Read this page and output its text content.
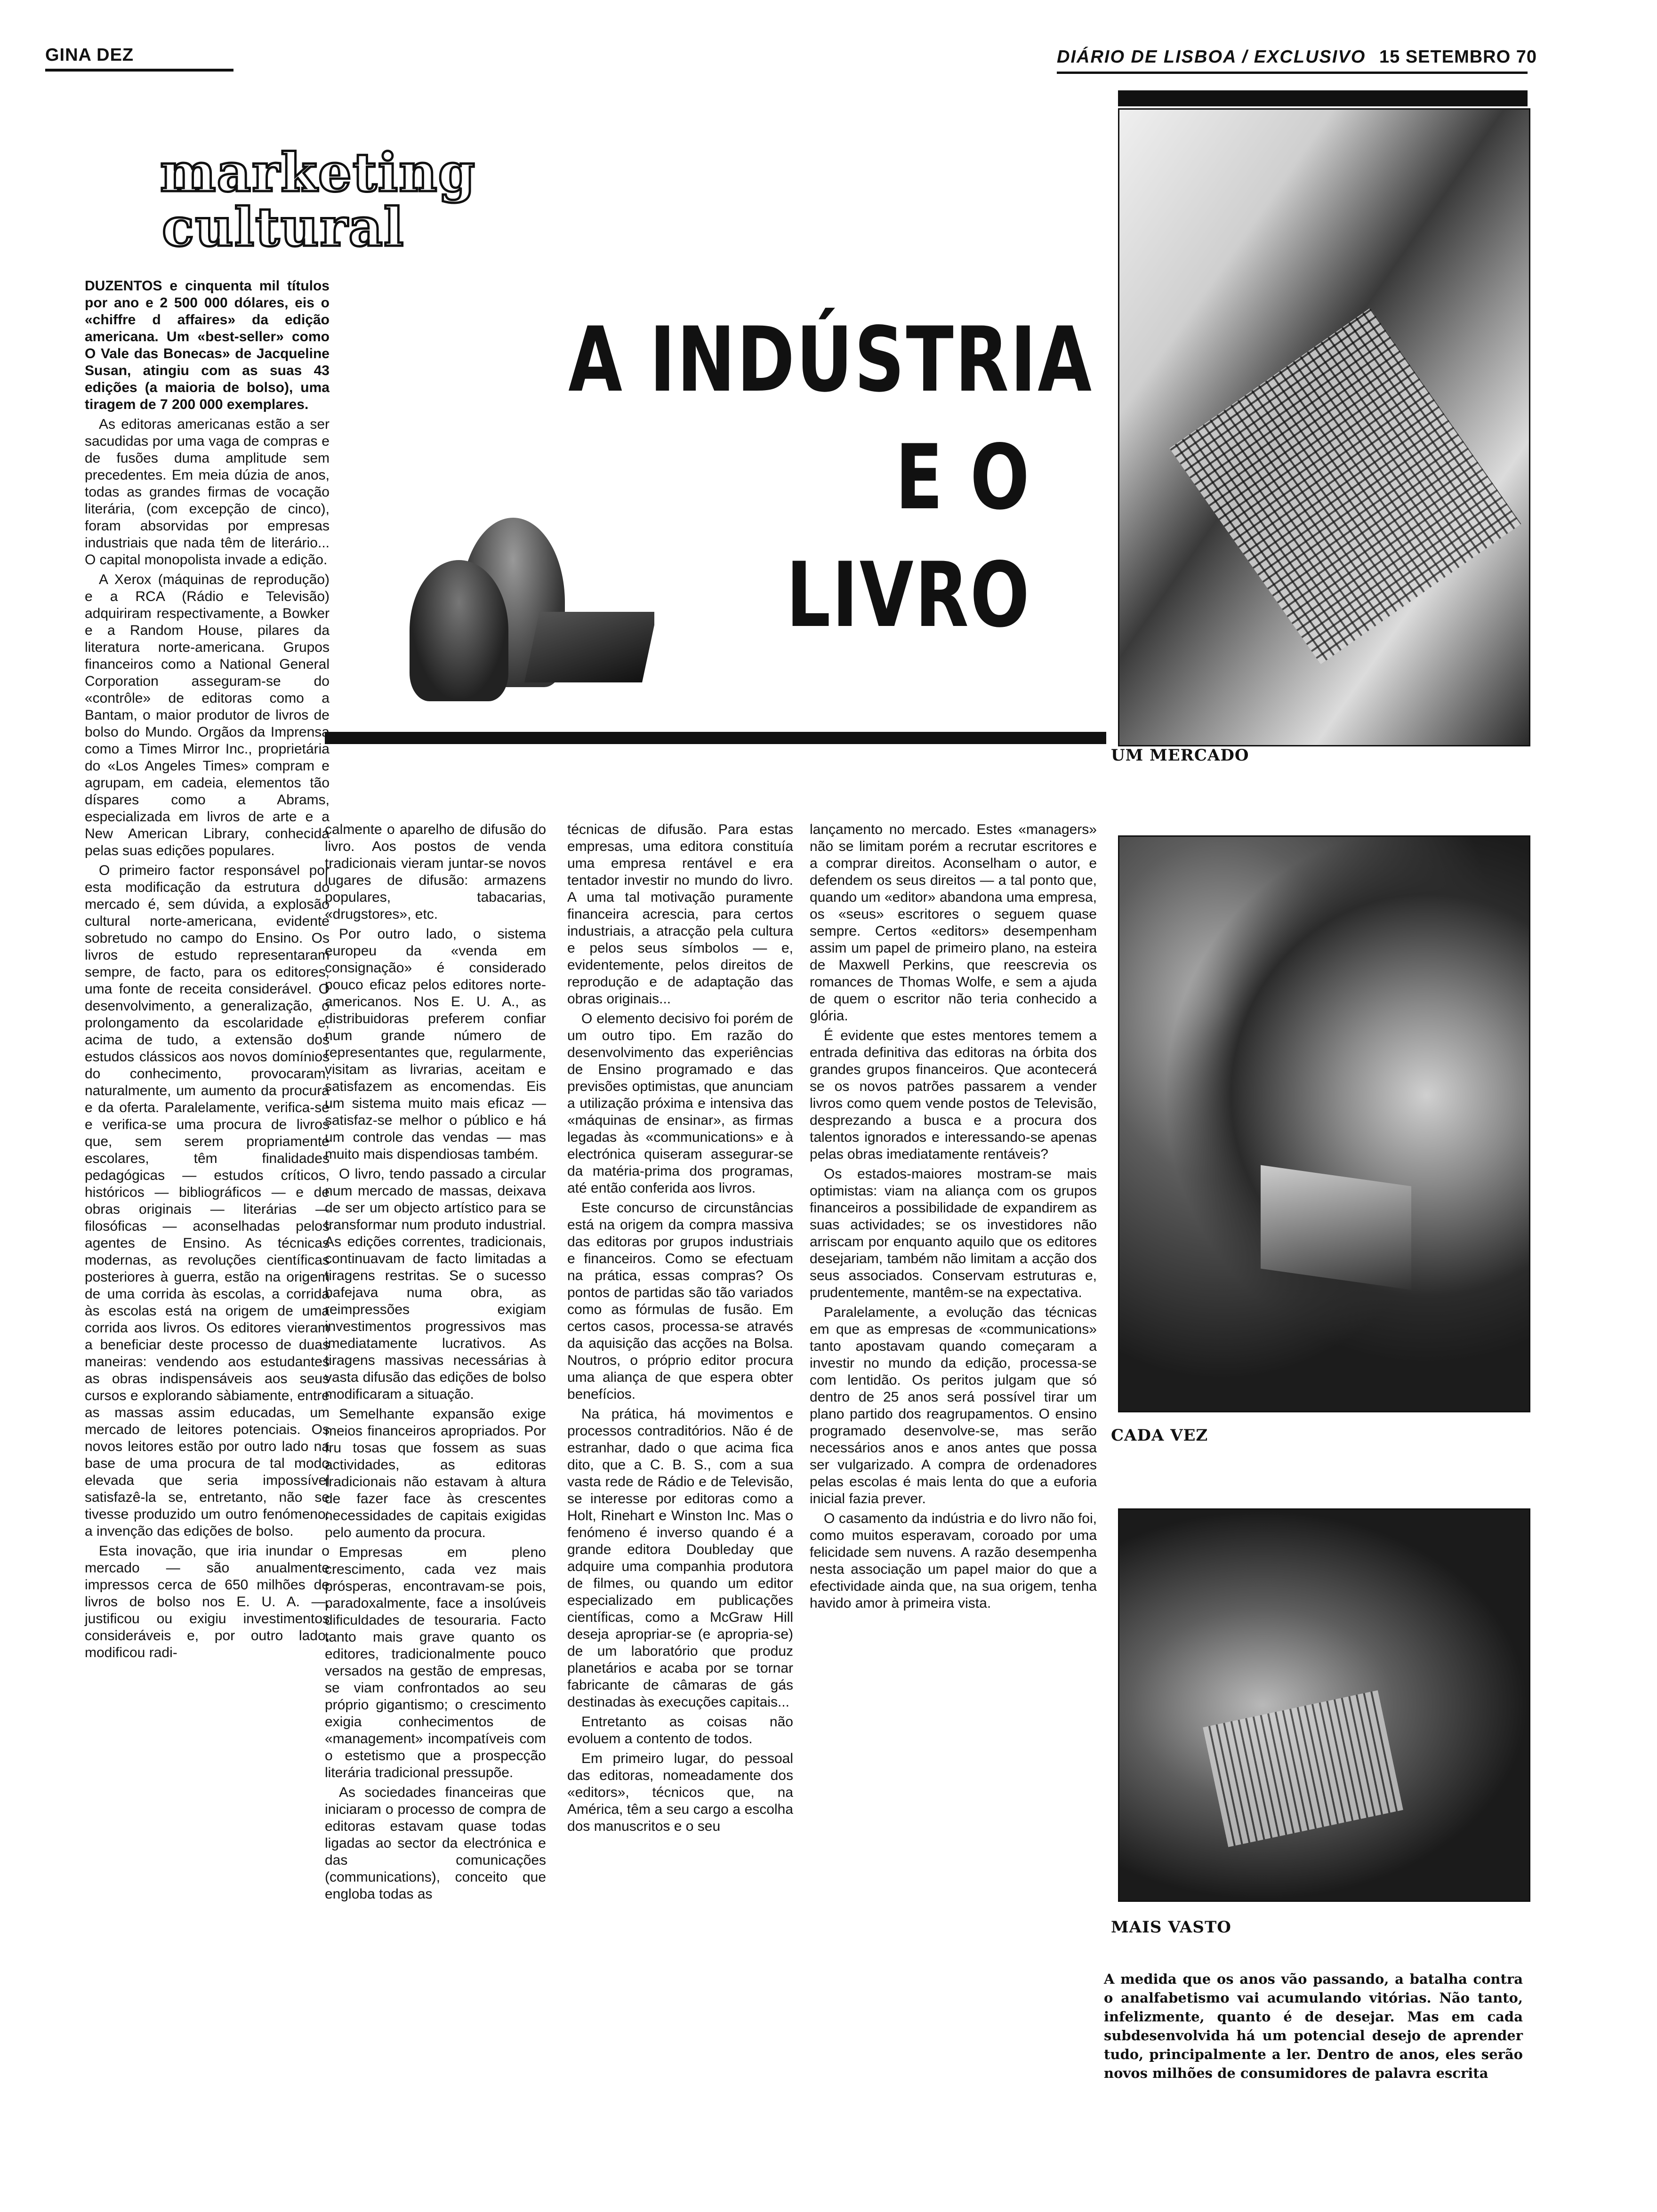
GINA DEZ	DIÁRIO DE LISBOA / EXCLUSIVO 15 SETEMBRO 70
marketing
cultural
A INDÚSTRIA
E O
LIVRO
UM MERCADO
CADA VEZ
MAIS VASTO

DUZENTOS e cinquenta mil títulos por ano e 2 500 000 dólares, eis o «chiffre d affaires» da edição americana. Um «best-seller» como O Vale das Bonecas» de Jacqueline Susan, atingiu com as suas 43 edições (a maioria de bolso), uma tiragem de 7 200 000 exemplares.

As editoras americanas estão a ser sacudidas por uma vaga de compras e de fusões duma amplitude sem precedentes. Em meia dúzia de anos, todas as grandes firmas de vocação literária, (com excepção de cinco), foram absorvidas por empresas industriais que nada têm de literário... O capital monopolista invade a edição.

A Xerox (máquinas de reprodução) e a RCA (Rádio e Televisão) adquiriram respectivamente, a Bowker e a Random House, pilares da literatura norte-americana. Grupos financeiros como a National General Corporation asseguram-se do «contrôle» de editoras como a Bantam, o maior produtor de livros de bolso do Mundo. Orgãos da Imprensa como a Times Mirror Inc., proprietária do «Los Angeles Times» compram e agrupam, em cadeia, elementos tão díspares como a Abrams, especializada em livros de arte e a New American Library, conhecida pelas suas edições populares.

O primeiro factor responsável por esta modificação da estrutura do mercado é, sem dúvida, a explosão cultural norte-americana, evidente sobretudo no campo do Ensino. Os livros de estudo representaram sempre, de facto, para os editores, uma fonte de receita considerável. O desenvolvimento, a generalização, o prolongamento da escolaridade e, acima de tudo, a extensão dos estudos clássicos aos novos domínios do conhecimento, provocaram, naturalmente, um aumento da procura e da oferta. Paralelamente, verifica-se e verifica-se uma procura de livros que, sem serem propriamente escolares, têm finalidades pedagógicas — estudos críticos, históricos — bibliográficos — e de obras originais — literárias — filosóficas — aconselhadas pelos agentes de Ensino. As técnicas modernas, as revoluções científicas posteriores à guerra, estão na origem de uma corrida às escolas, a corrida às escolas está na origem de uma corrida aos livros. Os editores vieram a beneficiar deste processo de duas maneiras: vendendo aos estudantes as obras indispensáveis aos seus cursos e explorando sàbiamente, entre as massas assim educadas, um mercado de leitores potenciais. Os novos leitores estão por outro lado na base de uma procura de tal modo elevada que seria impossível satisfazê-la se, entretanto, não se tivesse produzido um outro fenómeno: a invenção das edições de bolso.

Esta inovação, que iria inundar o mercado — são anualmente impressos cerca de 650 milhões de livros de bolso nos E. U. A. —, justificou ou exigiu investimentos consideráveis e, por outro lado, modificou radi-

calmente o aparelho de difusão do livro. Aos postos de venda tradicionais vieram juntar-se novos lugares de difusão: armazens populares, tabacarias, «drugstores», etc.

Por outro lado, o sistema europeu da «venda em consignação» é considerado pouco eficaz pelos editores norte-americanos. Nos E. U. A., as distribuidoras preferem confiar num grande número de representantes que, regularmente, visitam as livrarias, aceitam e satisfazem as encomendas. Eis um sistema muito mais eficaz — satisfaz-se melhor o público e há um controle das vendas — mas muito mais dispendiosas também.

O livro, tendo passado a circular num mercado de massas, deixava de ser um objecto artístico para se transformar num produto industrial. As edições correntes, tradicionais, continuavam de facto limitadas a tiragens restritas. Se o sucesso bafejava numa obra, as reimpressões exigiam investimentos progressivos mas imediatamente lucrativos. As tiragens massivas necessárias à vasta difusão das edições de bolso modificaram a situação.

Semelhante expansão exige meios financeiros apropriados. Por fru tosas que fossem as suas actividades, as editoras tradicionais não estavam à altura de fazer face às crescentes necessidades de capitais exigidas pelo aumento da procura.

Empresas em pleno crescimento, cada vez mais prósperas, encontravam-se pois, paradoxalmente, face a insolúveis dificuldades de tesouraria. Facto tanto mais grave quanto os editores, tradicionalmente pouco versados na gestão de empresas, se viam confrontados ao seu próprio gigantismo; o crescimento exigia conhecimentos de «management» incompatíveis com o estetismo que a prospecção literária tradicional pressupõe.

As sociedades financeiras que iniciaram o processo de compra de editoras estavam quase todas ligadas ao sector da electrónica e das comunicações (communications), conceito que engloba todas as

técnicas de difusão. Para estas empresas, uma editora constituía uma empresa rentável e era tentador investir no mundo do livro. A uma tal motivação puramente financeira acrescia, para certos industriais, a atracção pela cultura e pelos seus símbolos — e, evidentemente, pelos direitos de reprodução e de adaptação das obras originais...

O elemento decisivo foi porém de um outro tipo. Em razão do desenvolvimento das experiências de Ensino programado e das previsões optimistas, que anunciam a utilização próxima e intensiva das «máquinas de ensinar», as firmas legadas às «communications» e à electrónica quiseram assegurar-se da matéria-prima dos programas, até então conferida aos livros.

Este concurso de circunstâncias está na origem da compra massiva das editoras por grupos industriais e financeiros. Como se efectuam na prática, essas compras? Os pontos de partidas são tão variados como as fórmulas de fusão. Em certos casos, processa-se através da aquisição das acções na Bolsa. Noutros, o próprio editor procura uma aliança de que espera obter benefícios.

Na prática, há movimentos e processos contraditórios. Não é de estranhar, dado o que acima fica dito, que a C. B. S., com a sua vasta rede de Rádio e de Televisão, se interesse por editoras como a Holt, Rinehart e Winston Inc. Mas o fenómeno é inverso quando é a grande editora Doubleday que adquire uma companhia produtora de filmes, ou quando um editor especializado em publicações científicas, como a McGraw Hill deseja apropriar-se (e apropria-se) de um laboratório que produz planetários e acaba por se tornar fabricante de câmaras de gás destinadas às execuções capitais...

Entretanto as coisas não evoluem a contento de todos.

Em primeiro lugar, do pessoal das editoras, nomeadamente dos «editors», técnicos que, na América, têm a seu cargo a escolha dos manuscritos e o seu

lançamento no mercado. Estes «managers» não se limitam porém a recrutar escritores e a comprar direitos. Aconselham o autor, e defendem os seus direitos — a tal ponto que, quando um «editor» abandona uma empresa, os «seus» escritores o seguem quase sempre. Certos «editors» desempenham assim um papel de primeiro plano, na esteira de Maxwell Perkins, que reescrevia os romances de Thomas Wolfe, e sem a ajuda de quem o escritor não teria conhecido a glória.

É evidente que estes mentores temem a entrada definitiva das editoras na órbita dos grandes grupos financeiros. Que acontecerá se os novos patrões passarem a vender livros como quem vende postos de Televisão, desprezando a busca e a procura dos talentos ignorados e interessando-se apenas pelas obras imediatamente rentáveis?

Os estados-maiores mostram-se mais optimistas: viam na aliança com os grupos financeiros a possibilidade de expandirem as suas actividades; se os investidores não arriscam por enquanto aquilo que os editores desejariam, também não limitam a acção dos seus associados. Conservam estruturas e, prudentemente, mantêm-se na expectativa.

Paralelamente, a evolução das técnicas em que as empresas de «communications» tanto apostavam quando começaram a investir no mundo da edição, processa-se com lentidão. Os peritos julgam que só dentro de 25 anos será possível tirar um plano partido dos reagrupamentos. O ensino programado desenvolve-se, mas serão necessários anos e anos antes que possa ser vulgarizado. A compra de ordenadores pelas escolas é mais lenta do que a euforia inicial fazia prever.

O casamento da indústria e do livro não foi, como muitos esperavam, coroado por uma felicidade sem nuvens. A razão desempenha nesta associação um papel maior do que a efectividade ainda que, na sua origem, tenha havido amor à primeira vista.

A medida que os anos vão passando, a batalha contra o analfabetismo vai acumulando vitórias. Não tanto, infelizmente, quanto é de desejar. Mas em cada subdesenvolvida há um potencial desejo de aprender tudo, principalmente a ler. Dentro de anos, eles serão novos milhões de consumidores de palavra escrita
